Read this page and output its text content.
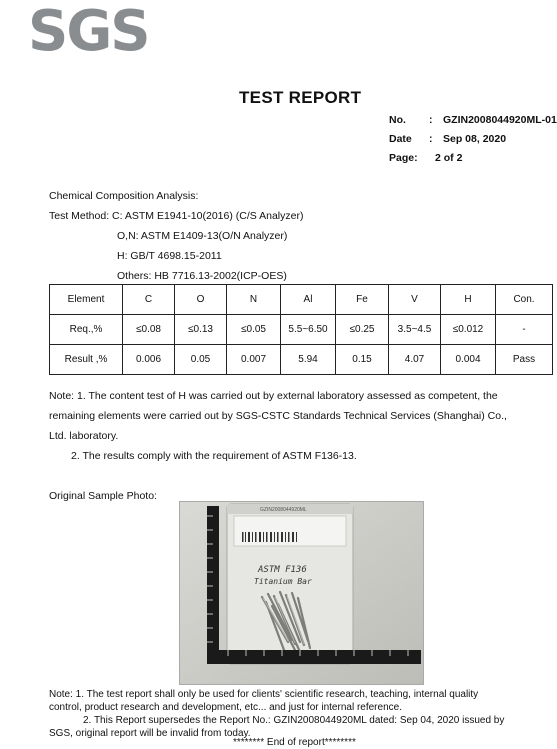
SGS
TEST REPORT
No.	:	GZIN2008044920ML-01
Date	:	Sep 08, 2020
Page:	2 of 2
Chemical Composition Analysis:
Test Method: C: ASTM E1941-10(2016) (C/S Analyzer)
O,N: ASTM E1409-13(O/N Analyzer)
H: GB/T 4698.15-2011
Others: HB 7716.13-2002(ICP-OES)
Element	C	O	N	Al	Fe	V	H	Con.
Req.,%	≤0.08	≤0.13	≤0.05	5.5~6.50	≤0.25	3.5~4.5	≤0.012	-
Result ,%	0.006	0.05	0.007	5.94	0.15	4.07	0.004	Pass
Note: 1. The content test of H was carried out by external laboratory assessed as competent, the
remaining elements were carried out by SGS-CSTC Standards Technical Services (Shanghai) Co.,
Ltd. laboratory.
2. The results comply with the requirement of ASTM F136-13.
Original Sample Photo:
GZIN2008044920ML
ASTM F136
Titanium Bar
Note: 1. The test report shall only be used for clients' scientific research, teaching, internal quality
control, product research and development, etc... and just for internal reference.
2. This Report supersedes the Report No.: GZIN2008044920ML dated: Sep 04, 2020 issued by
SGS, original report will be invalid from today.
******** End of report********
